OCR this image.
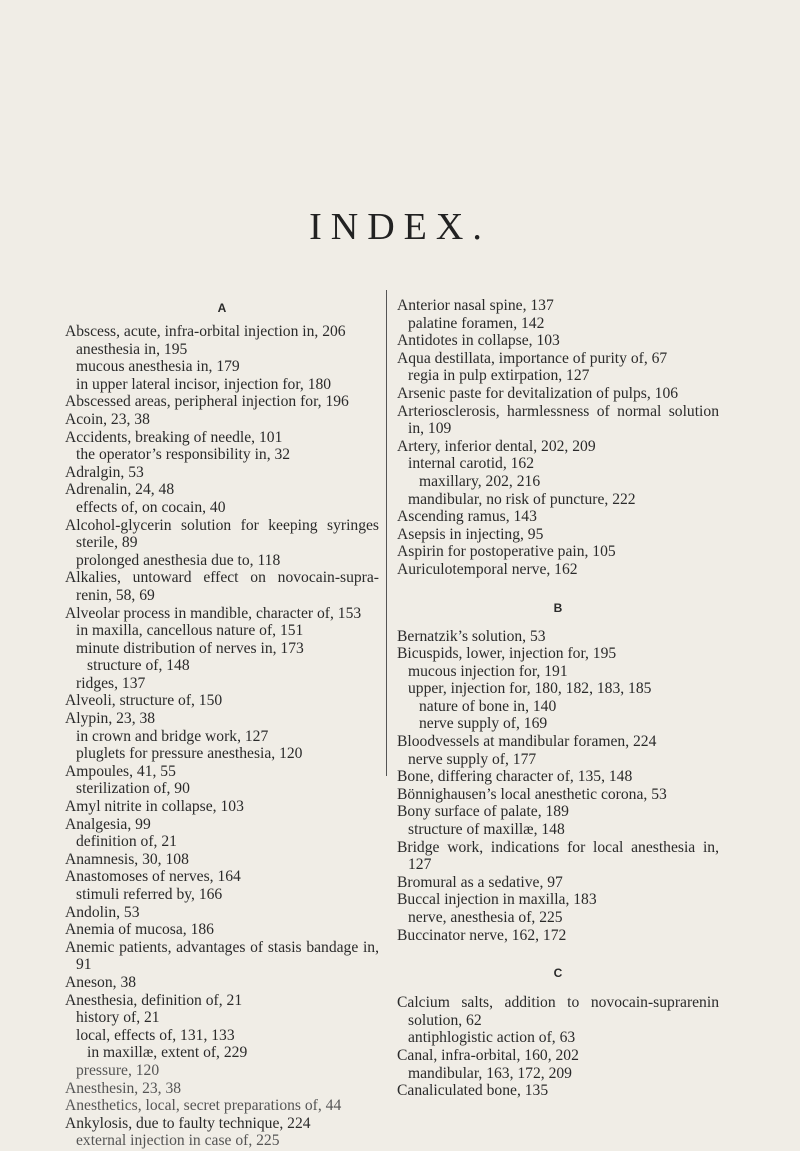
INDEX.
A
Abscess, acute, infra-orbital injection in, 206
anesthesia in, 195
mucous anesthesia in, 179
in upper lateral incisor, injection for, 180
Abscessed areas, peripheral injection for, 196
Acoin, 23, 38
Accidents, breaking of needle, 101
the operator’s responsibility in, 32
Adralgin, 53
Adrenalin, 24, 48
effects of, on cocain, 40
Alcohol-glycerin solution for keeping syringes sterile, 89
prolonged anesthesia due to, 118
Alkalies, untoward effect on novocain-supra-renin, 58, 69
Alveolar process in mandible, character of, 153
in maxilla, cancellous nature of, 151
minute distribution of nerves in, 173
structure of, 148
ridges, 137
Alveoli, structure of, 150
Alypin, 23, 38
in crown and bridge work, 127
pluglets for pressure anesthesia, 120
Ampoules, 41, 55
sterilization of, 90
Amyl nitrite in collapse, 103
Analgesia, 99
definition of, 21
Anamnesis, 30, 108
Anastomoses of nerves, 164
stimuli referred by, 166
Andolin, 53
Anemia of mucosa, 186
Anemic patients, advantages of stasis bandage in, 91
Aneson, 38
Anesthesia, definition of, 21
history of, 21
local, effects of, 131, 133
in maxillæ, extent of, 229
pressure, 120
Anesthesin, 23, 38
Anesthetics, local, secret preparations of, 44
Ankylosis, due to faulty technique, 224
external injection in case of, 225
Anterior nasal spine, 137
palatine foramen, 142
Antidotes in collapse, 103
Aqua destillata, importance of purity of, 67
regia in pulp extirpation, 127
Arsenic paste for devitalization of pulps, 106
Arteriosclerosis, harmlessness of normal solution in, 109
Artery, inferior dental, 202, 209
internal carotid, 162
maxillary, 202, 216
mandibular, no risk of puncture, 222
Ascending ramus, 143
Asepsis in injecting, 95
Aspirin for postoperative pain, 105
Auriculotemporal nerve, 162
B
Bernatzik’s solution, 53
Bicuspids, lower, injection for, 195
mucous injection for, 191
upper, injection for, 180, 182, 183, 185
nature of bone in, 140
nerve supply of, 169
Bloodvessels at mandibular foramen, 224
nerve supply of, 177
Bone, differing character of, 135, 148
Bönnighausen’s local anesthetic corona, 53
Bony surface of palate, 189
structure of maxillæ, 148
Bridge work, indications for local anesthesia in, 127
Bromural as a sedative, 97
Buccal injection in maxilla, 183
nerve, anesthesia of, 225
Buccinator nerve, 162, 172
C
Calcium salts, addition to novocain-suprarenin solution, 62
antiphlogistic action of, 63
Canal, infra-orbital, 160, 202
mandibular, 163, 172, 209
Canaliculated bone, 135
